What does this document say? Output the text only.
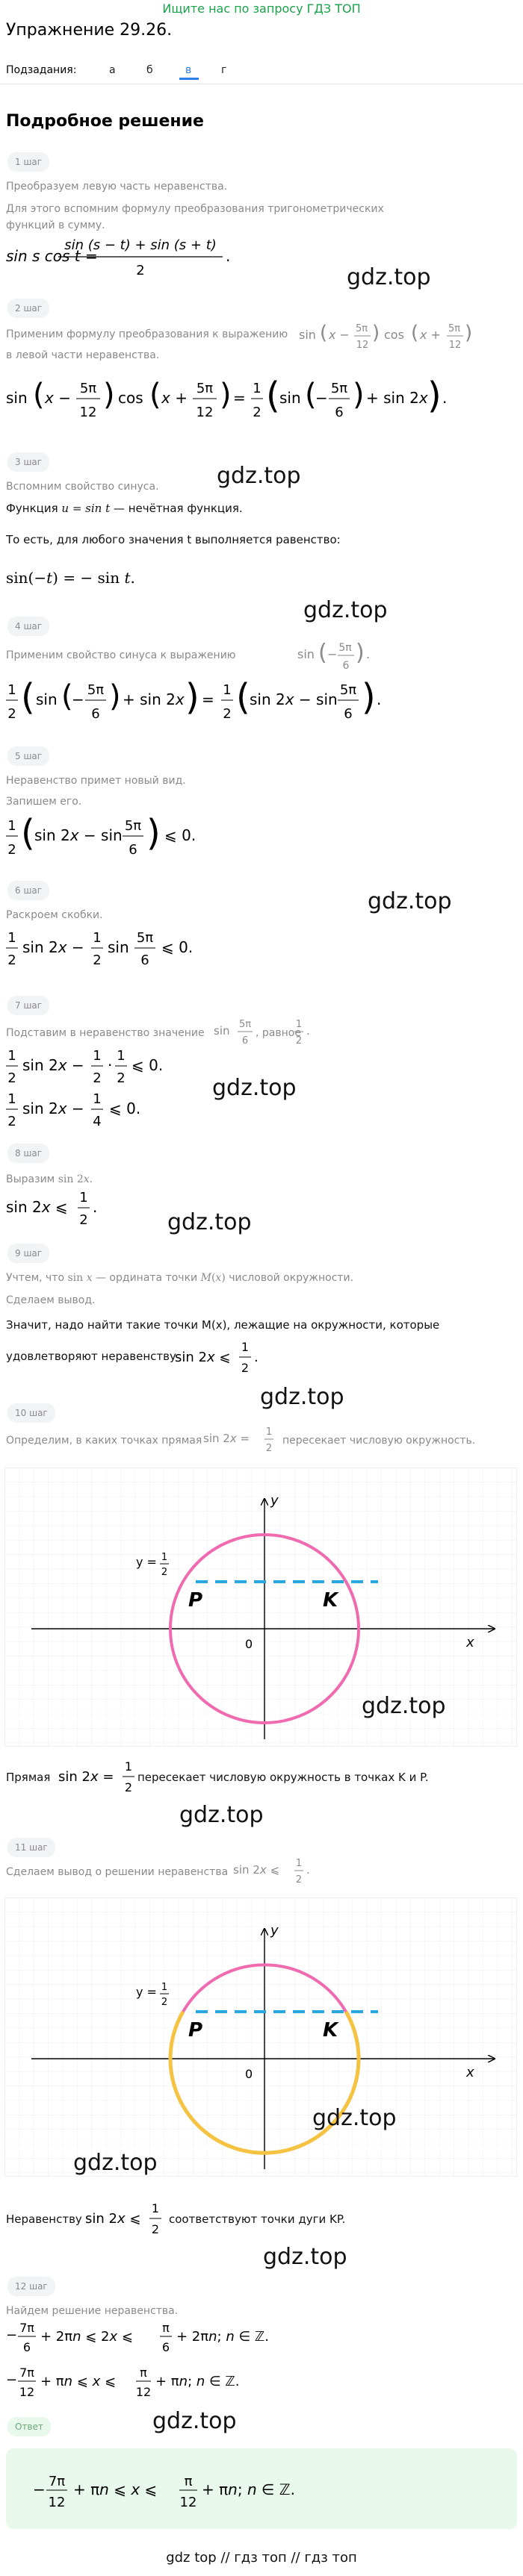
Ищите нас по запросу ГДЗ ТОП
Упражнение 29.26.
Подзадания:	а	б	в	г
Подробное решение
1 шаг
Преобразуем левую часть неравенства.
Для этого вспомним формулу преобразования тригонометрических
функций в сумму.
sin s cos t =
sin (s − t) + sin (s + t)
2
.
gdz.top
2 шаг
Применим формулу преобразования к выражению sin ( x − 5π
12
) cos ( x + 5π
12
)
в левой части неравенства.
sin ( x −
5π
12
) cos ( x +
5π
12
) =
1
2 ( sin (
−
5π
6
) + sin 2x ) .
gdz.top
3 шаг
Вспомним свойство синуса.
Функция u = sin t — нечётная функция.
То есть, для любого значения t выполняется равенство:
sin(−t) = − sin t.
gdz.top
4 шаг
Применим свойство синуса к выражению	sin ( − 5π
6 ) .
1
2 ( sin (
−
5π
6
) + sin 2x ) =
1
2 ( sin 2x − sin
5π
6 ) .
5 шаг
Неравенство примет новый вид.
Запишем его.
1
2 ( sin 2x − sin
5π
6 ) ⩽ 0.
gdz.top
6 шаг
Раскроем скобки.
1
2
sin 2x −
1
2
sin
5π
6
⩽ 0.
7 шаг
Подставим в неравенство значение sin 5π
6
1
2
.
, равное
1
2
sin 2x −
1
2
·
1
2
⩽ 0.
1
2
sin 2x −
1
4
⩽ 0.
gdz.top
8 шаг
Выразим sin 2x.
sin 2x ⩽
1
2
.
gdz.top
9 шаг
Учтем, что sin x — ордината точки M(x) числовой окружности.
Сделаем вывод.
Значит, надо найти такие точки M(x), лежащие на окружности, которые
удовлетворяют неравенству
sin 2x ⩽
1
2
.
gdz.top
10 шаг
Определим, в каких точках прямая sin 2x = 1
2
пересекает числовую окружность.
y
x
0
y = 1
2
P	K
gdz.top
Прямая sin 2x =
1
2
пересекает числовую окружность в точках K и P.
gdz.top
11 шаг
Сделаем вывод о решении неравенства sin 2x ⩽ 1
2
.
y
x
0
y = 1
2
P	K
gdz.top
gdz.top
Неравенству sin 2x ⩽
1
2
соответствуют точки дуги KP.
gdz.top
12 шаг
Найдем решение неравенства.
− 7π
6
+ 2πn ⩽ 2x ⩽
π
6
+ 2πn; n ∈ ℤ.
− 7π
12
+ πn ⩽ x ⩽
π
12
+ πn; n ∈ ℤ.
gdz.top
Ответ
− 7π
12
+ πn ⩽ x ⩽ π
12
+ πn; n ∈ ℤ.
gdz top // гдз топ // гдз топ
